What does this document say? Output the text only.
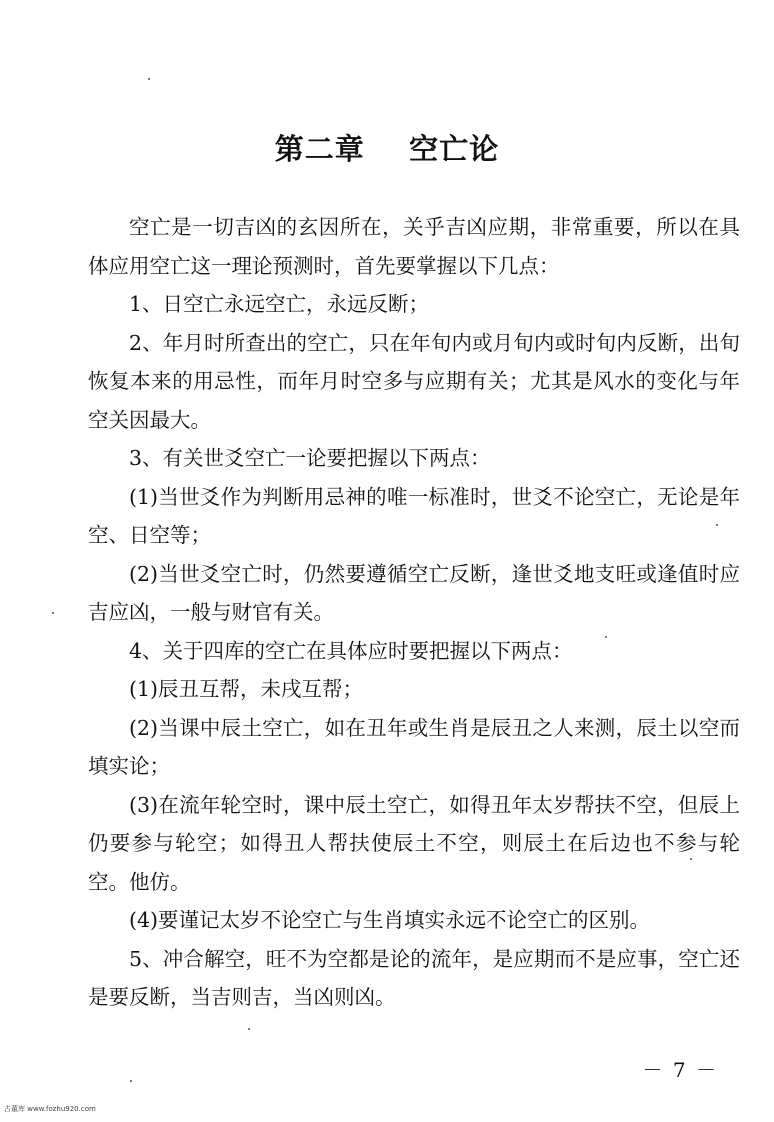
第二章    空亡论

空亡是一切吉凶的玄因所在，关乎吉凶应期，非常重要，所以在具体应用空亡这一理论预测时，首先要掌握以下几点：

1、日空亡永远空亡，永远反断；

2、年月时所查出的空亡，只在年旬内或月旬内或时旬内反断，出旬恢复本来的用忌性，而年月时空多与应期有关；尤其是风水的变化与年空关因最大。

3、有关世爻空亡一论要把握以下两点：

(1)当世爻作为判断用忌神的唯一标准时，世爻不论空亡，无论是年空、日空等；

(2)当世爻空亡时，仍然要遵循空亡反断，逢世爻地支旺或逢值时应吉应凶，一般与财官有关。

4、关于四库的空亡在具体应时要把握以下两点：

(1)辰丑互帮，未戌互帮；

(2)当课中辰土空亡，如在丑年或生肖是辰丑之人来测，辰土以空而填实论；

(3)在流年轮空时，课中辰土空亡，如得丑年太岁帮扶不空，但辰上仍要参与轮空；如得丑人帮扶使辰土不空，则辰土在后边也不参与轮空。他仿。

(4)要谨记太岁不论空亡与生肖填实永远不论空亡的区别。

5、冲合解空，旺不为空都是论的流年，是应期而不是应事，空亡还是要反断，当吉则吉，当凶则凶。

－ 7 －
古董库 www.fozhu920.com
